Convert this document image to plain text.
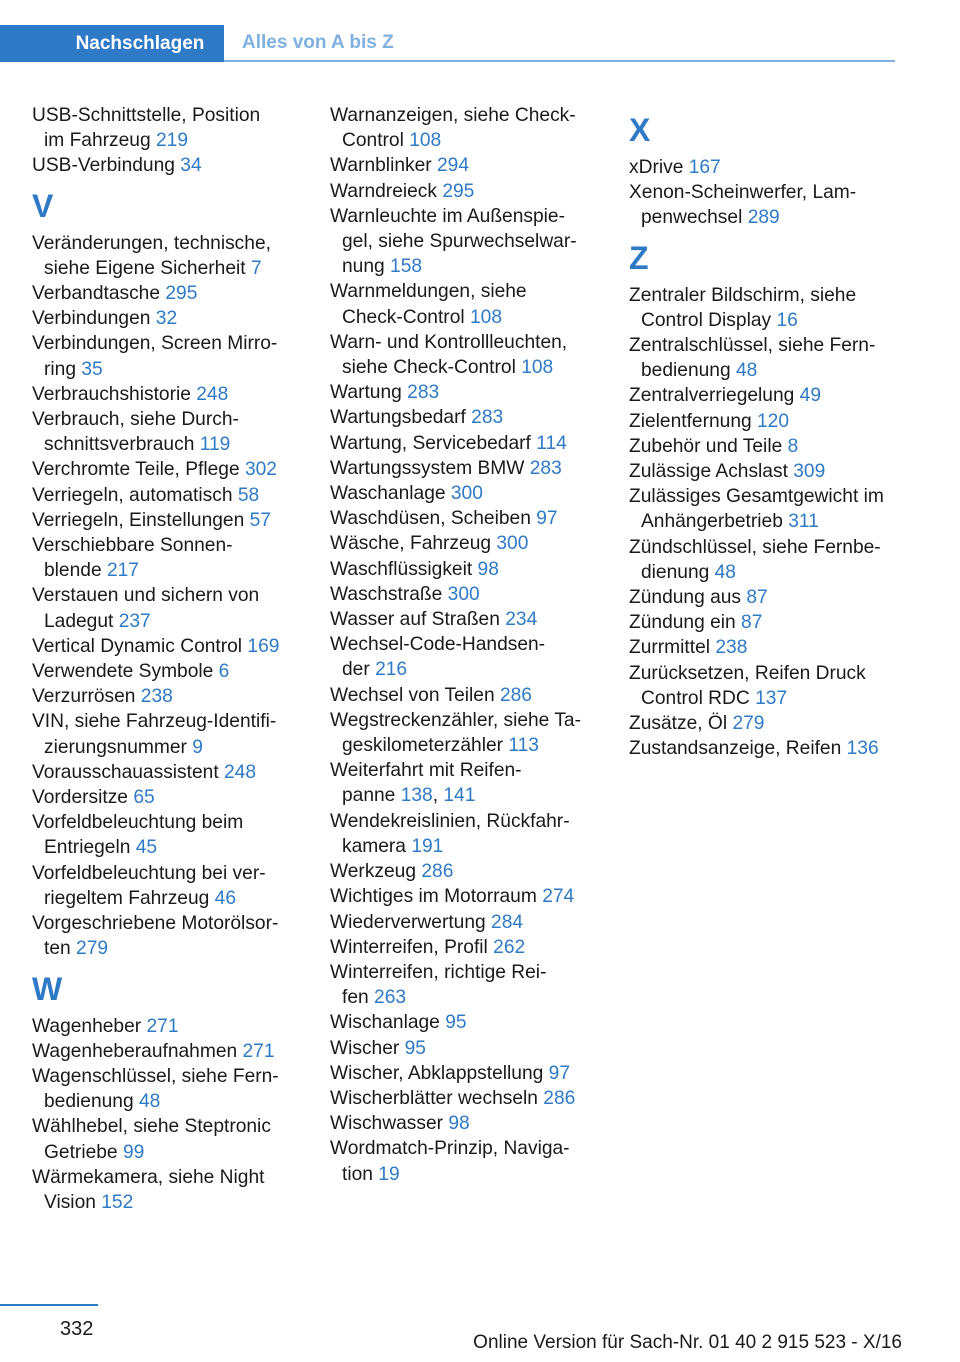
Nachschlagen	Alles von A bis Z
USB-Schnittstelle, Position
im Fahrzeug 219
USB-Verbindung 34
V
Veränderungen, technische,
siehe Eigene Sicherheit 7
Verbandtasche 295
Verbindungen 32
Verbindungen, Screen Mirro‐
ring 35
Verbrauchshistorie 248
Verbrauch, siehe Durch‐
schnittsverbrauch 119
Verchromte Teile, Pflege 302
Verriegeln, automatisch 58
Verriegeln, Einstellungen 57
Verschiebbare Sonnen‐
blende 217
Verstauen und sichern von
Ladegut 237
Vertical Dynamic Control 169
Verwendete Symbole 6
Verzurrösen 238
VIN, siehe Fahrzeug-Identifi‐
zierungsnummer 9
Vorausschauassistent 248
Vordersitze 65
Vorfeldbeleuchtung beim
Entriegeln 45
Vorfeldbeleuchtung bei ver‐
riegeltem Fahrzeug 46
Vorgeschriebene Motorölsor‐
ten 279
W
Wagenheber 271
Wagenheberaufnahmen 271
Wagenschlüssel, siehe Fern‐
bedienung 48
Wählhebel, siehe Steptronic
Getriebe 99
Wärmekamera, siehe Night
Vision 152
Warnanzeigen, siehe Check-
Control 108
Warnblinker 294
Warndreieck 295
Warnleuchte im Außenspie‐
gel, siehe Spurwechselwar‐
nung 158
Warnmeldungen, siehe
Check-Control 108
Warn- und Kontrollleuchten,
siehe Check-Control 108
Wartung 283
Wartungsbedarf 283
Wartung, Servicebedarf 114
Wartungssystem BMW 283
Waschanlage 300
Waschdüsen, Scheiben 97
Wäsche, Fahrzeug 300
Waschflüssigkeit 98
Waschstraße 300
Wasser auf Straßen 234
Wechsel-Code-Handsen‐
der 216
Wechsel von Teilen 286
Wegstreckenzähler, siehe Ta‐
geskilometerzähler 113
Weiterfahrt mit Reifen‐
panne 138, 141
Wendekreislinien, Rückfahr‐
kamera 191
Werkzeug 286
Wichtiges im Motorraum 274
Wiederverwertung 284
Winterreifen, Profil 262
Winterreifen, richtige Rei‐
fen 263
Wischanlage 95
Wischer 95
Wischer, Abklappstellung 97
Wischerblätter wechseln 286
Wischwasser 98
Wordmatch-Prinzip, Naviga‐
tion 19
X
xDrive 167
Xenon-Scheinwerfer, Lam‐
penwechsel 289
Z
Zentraler Bildschirm, siehe
Control Display 16
Zentralschlüssel, siehe Fern‐
bedienung 48
Zentralverriegelung 49
Zielentfernung 120
Zubehör und Teile 8
Zulässige Achslast 309
Zulässiges Gesamtgewicht im
Anhängerbetrieb 311
Zündschlüssel, siehe Fernbe‐
dienung 48
Zündung aus 87
Zündung ein 87
Zurrmittel 238
Zurücksetzen, Reifen Druck
Control RDC 137
Zusätze, Öl 279
Zustandsanzeige, Reifen 136
332
Online Version für Sach-Nr. 01 40 2 915 523 - X/16
